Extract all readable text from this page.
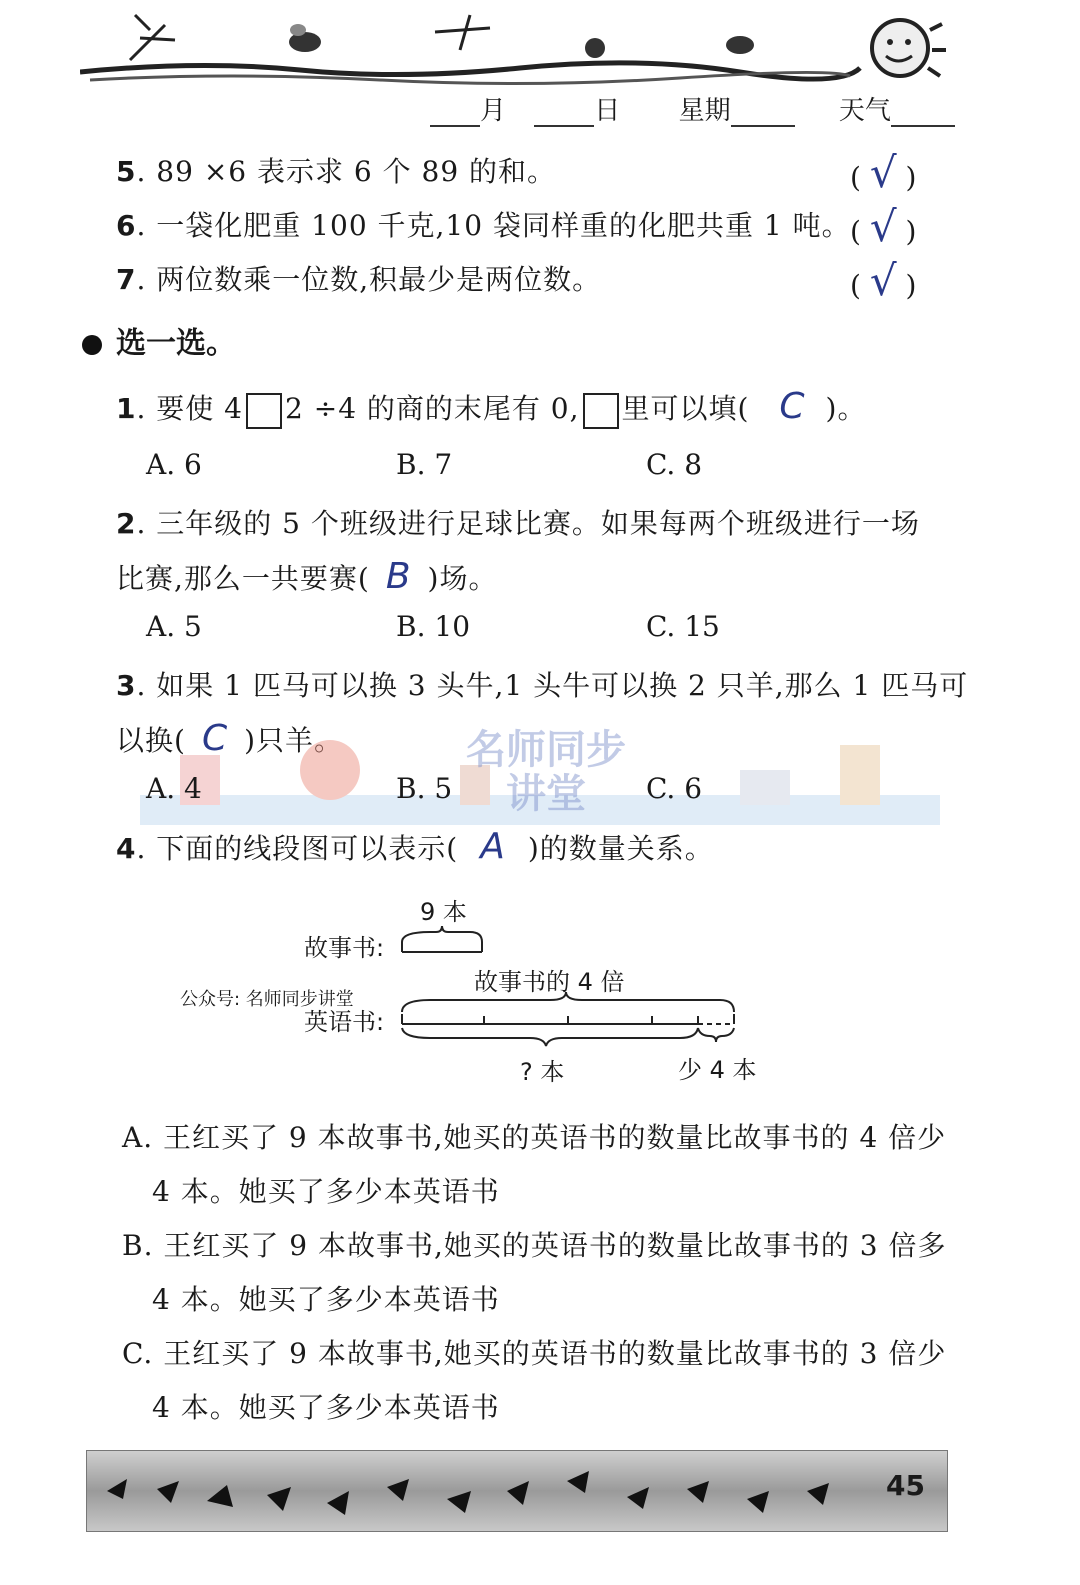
月	日 星期	天气
5. 89 ×6 表示求 6 个 89 的和。	( √ )
6. 一袋化肥重 100 千克,10 袋同样重的化肥共重 1 吨。 ( √ )
7. 两位数乘一位数,积最少是两位数。	( √ )
选一选。
1. 要使 4 2 ÷4 的商的末尾有 0, 里可以填( C )。
A. 6	B. 7	C. 8
2. 三年级的 5 个班级进行足球比赛。如果每两个班级进行一场
比赛,那么一共要赛( B )场。
A. 5	B. 10	C. 15
3. 如果 1 匹马可以换 3 头牛,1 头牛可以换 2 只羊,那么 1 匹马可
以换( C )只羊。	名师同步
讲堂
A. 4	B. 5	C. 6
4. 下面的线段图可以表示( A )的数量关系。
9 本
故事书:
故事书的 4 倍
公众号: 名师同步讲堂
英语书:
? 本	少 4 本
A. 王红买了 9 本故事书,她买的英语书的数量比故事书的 4 倍少
4 本。她买了多少本英语书
B. 王红买了 9 本故事书,她买的英语书的数量比故事书的 3 倍多
4 本。她买了多少本英语书
C. 王红买了 9 本故事书,她买的英语书的数量比故事书的 3 倍少
4 本。她买了多少本英语书
45
